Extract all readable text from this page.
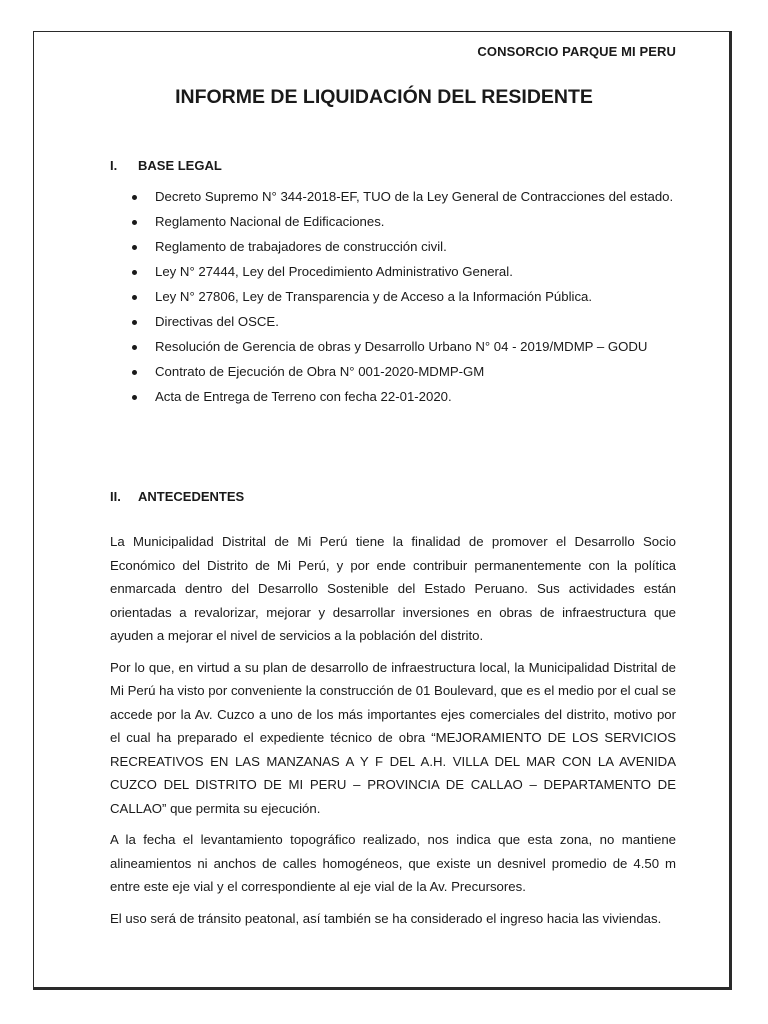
CONSORCIO PARQUE MI PERU
INFORME DE LIQUIDACIÓN DEL RESIDENTE
I.	BASE LEGAL
Decreto Supremo N° 344-2018-EF, TUO de la Ley General de Contracciones del estado.
Reglamento Nacional de Edificaciones.
Reglamento de trabajadores de construcción civil.
Ley N° 27444, Ley del Procedimiento Administrativo General.
Ley N° 27806, Ley de Transparencia y de Acceso a la Información Pública.
Directivas del OSCE.
Resolución de Gerencia de obras y Desarrollo Urbano N° 04 - 2019/MDMP – GODU
Contrato de Ejecución de Obra N° 001-2020-MDMP-GM
Acta de Entrega de Terreno con fecha 22-01-2020.
II.	ANTECEDENTES

La Municipalidad Distrital de Mi Perú tiene la finalidad de promover el Desarrollo Socio Económico del Distrito de Mi Perú, y por ende contribuir permanentemente con la política enmarcada dentro del Desarrollo Sostenible del Estado Peruano. Sus actividades están orientadas a revalorizar, mejorar y desarrollar inversiones en obras de infraestructura que ayuden a mejorar el nivel de servicios a la población del distrito.

Por lo que, en virtud a su plan de desarrollo de infraestructura local, la Municipalidad Distrital de Mi Perú ha visto por conveniente la construcción de 01 Boulevard, que es el medio por el cual se accede por la Av. Cuzco a uno de los más importantes ejes comerciales del distrito, motivo por el cual ha preparado el expediente técnico de obra “MEJORAMIENTO DE LOS SERVICIOS RECREATIVOS EN LAS MANZANAS A Y F DEL A.H. VILLA DEL MAR CON LA AVENIDA CUZCO DEL DISTRITO DE MI PERU – PROVINCIA DE CALLAO – DEPARTAMENTO DE CALLAO” que permita su ejecución.

A la fecha el levantamiento topográfico realizado, nos indica que esta zona, no mantiene alineamientos ni anchos de calles homogéneos, que existe un desnivel promedio de 4.50 m entre este eje vial y el correspondiente al eje vial de la Av. Precursores.

El uso será de tránsito peatonal, así también se ha considerado el ingreso hacia las viviendas.
